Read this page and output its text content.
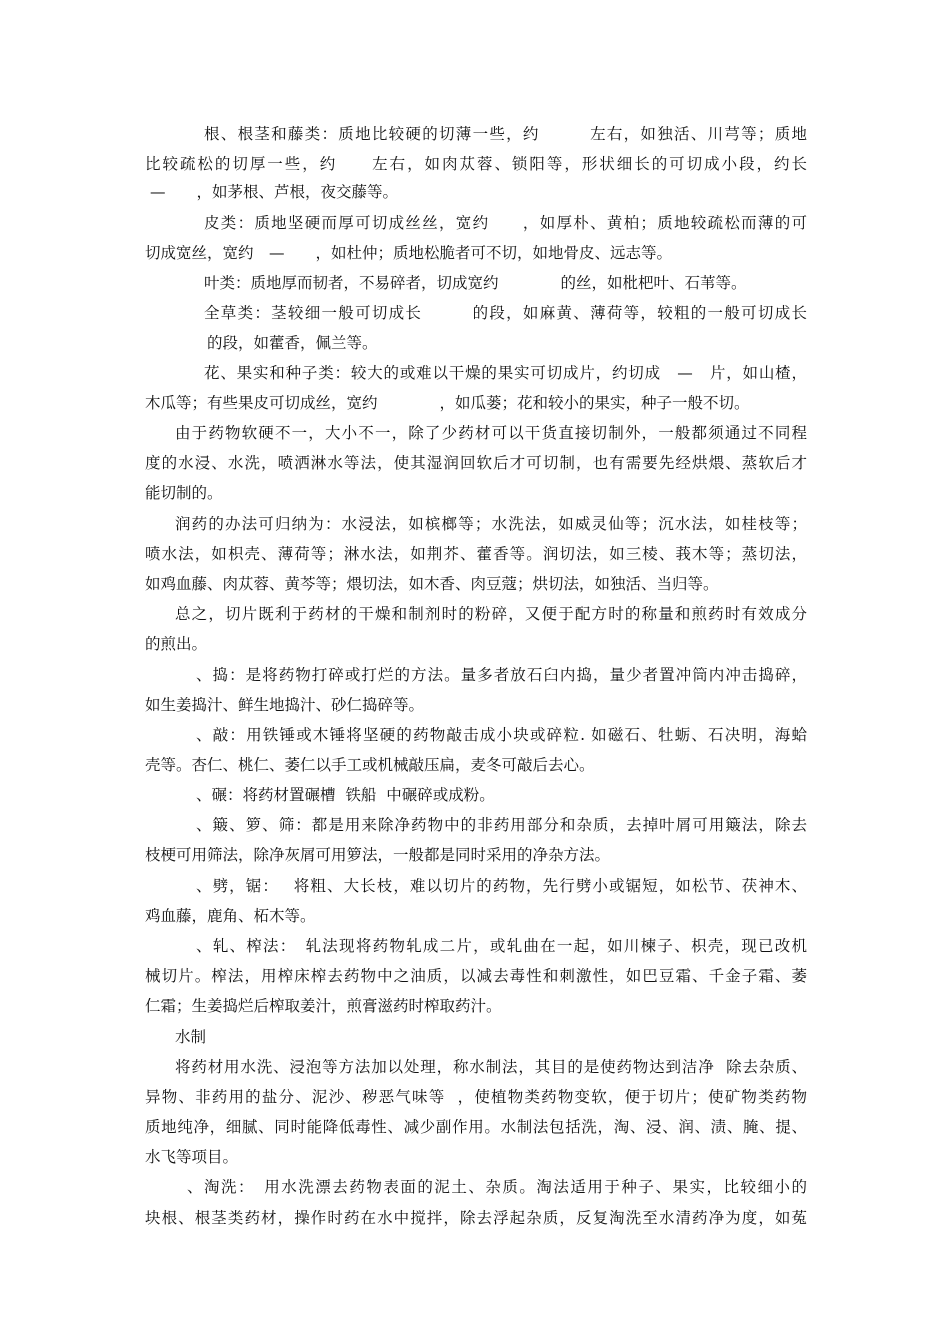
根、根茎和藤类：质地比较硬的切薄一些，约　　　左右，如独活、川芎等；质地
比较疏松的切厚一些，约　　左右，如肉苁蓉、锁阳等，形状细长的可切成小段，约长
—　　，如茅根、芦根，夜交藤等。
皮类：质地坚硬而厚可切成丝丝，宽约　　，如厚朴、黄柏；质地较疏松而薄的可
切成宽丝，宽约　—　　，如杜仲；质地松脆者可不切，如地骨皮、远志等。
叶类：质地厚而韧者，不易碎者，切成宽约　　　　的丝，如枇杷叶、石苇等。
全草类：茎较细一般可切成长　　　的段，如麻黄、薄荷等，较粗的一般可切成长
的段，如藿香，佩兰等。
花、果实和种子类：较大的或难以干燥的果实可切成片，约切成　—　片，如山楂，
木瓜等；有些果皮可切成丝，宽约　　　　，如瓜蒌；花和较小的果实，种子一般不切。
由于药物软硬不一，大小不一，除了少药材可以干货直接切制外，一般都须通过不同程
度的水浸、水洗，喷洒淋水等法，使其湿润回软后才可切制，也有需要先经烘煨、蒸软后才
能切制的。
润药的办法可归纳为：水浸法，如槟榔等；水洗法，如威灵仙等；沉水法，如桂枝等；
喷水法，如枳壳、薄荷等；淋水法，如荆芥、藿香等。润切法，如三棱、莪木等；蒸切法，
如鸡血藤、肉苁蓉、黄芩等；煨切法，如木香、肉豆蔻；烘切法，如独活、当归等。
总之，切片既利于药材的干燥和制剂时的粉碎，又便于配方时的称量和煎药时有效成分
的煎出。
、捣：是将药物打碎或打烂的方法。量多者放石臼内捣，量少者置冲筒内冲击捣碎，
如生姜捣汁、鲜生地捣汁、砂仁捣碎等。
、敲：用铁锤或木锤将坚硬的药物敲击成小块或碎粒. 如磁石、牡蛎、石决明，海蛤
壳等。杏仁、桃仁、萎仁以手工或机械敲压扁，麦冬可敲后去心。
、碾：将药材置碾槽  铁船  中碾碎或成粉。
、簸、箩、筛：都是用来除净药物中的非药用部分和杂质，去掉叶屑可用簸法，除去
枝梗可用筛法，除净灰屑可用箩法，一般都是同时采用的净杂方法。
、劈，锯：　 将粗、大长枝，难以切片的药物，先行劈小或锯短，如松节、茯神木、
鸡血藤，鹿角、柘木等。
、轧、榨法：　轧法现将药物轧成二片，或轧曲在一起，如川楝子、枳壳，现已改机
械切片。榨法，用榨床榨去药物中之油质，以减去毒性和刺激性，如巴豆霜、千金子霜、萎
仁霜；生姜捣烂后榨取姜汁，煎膏滋药时榨取药汁。
水制
将药材用水洗、浸泡等方法加以处理，称水制法，其目的是使药物达到洁净  除去杂质、
异物、非药用的盐分、泥沙、秽恶气味等  ，使植物类药物变软，便于切片；使矿物类药物
质地纯净，细腻、同时能降低毒性、减少副作用。水制法包括洗，淘、浸、润、渍、腌、提、
水飞等项目。
、淘洗：　用水洗漂去药物表面的泥土、杂质。淘法适用于种子、果实，比较细小的
块根、根茎类药材，操作时药在水中搅拌，除去浮起杂质，反复淘洗至水清药净为度，如菟
